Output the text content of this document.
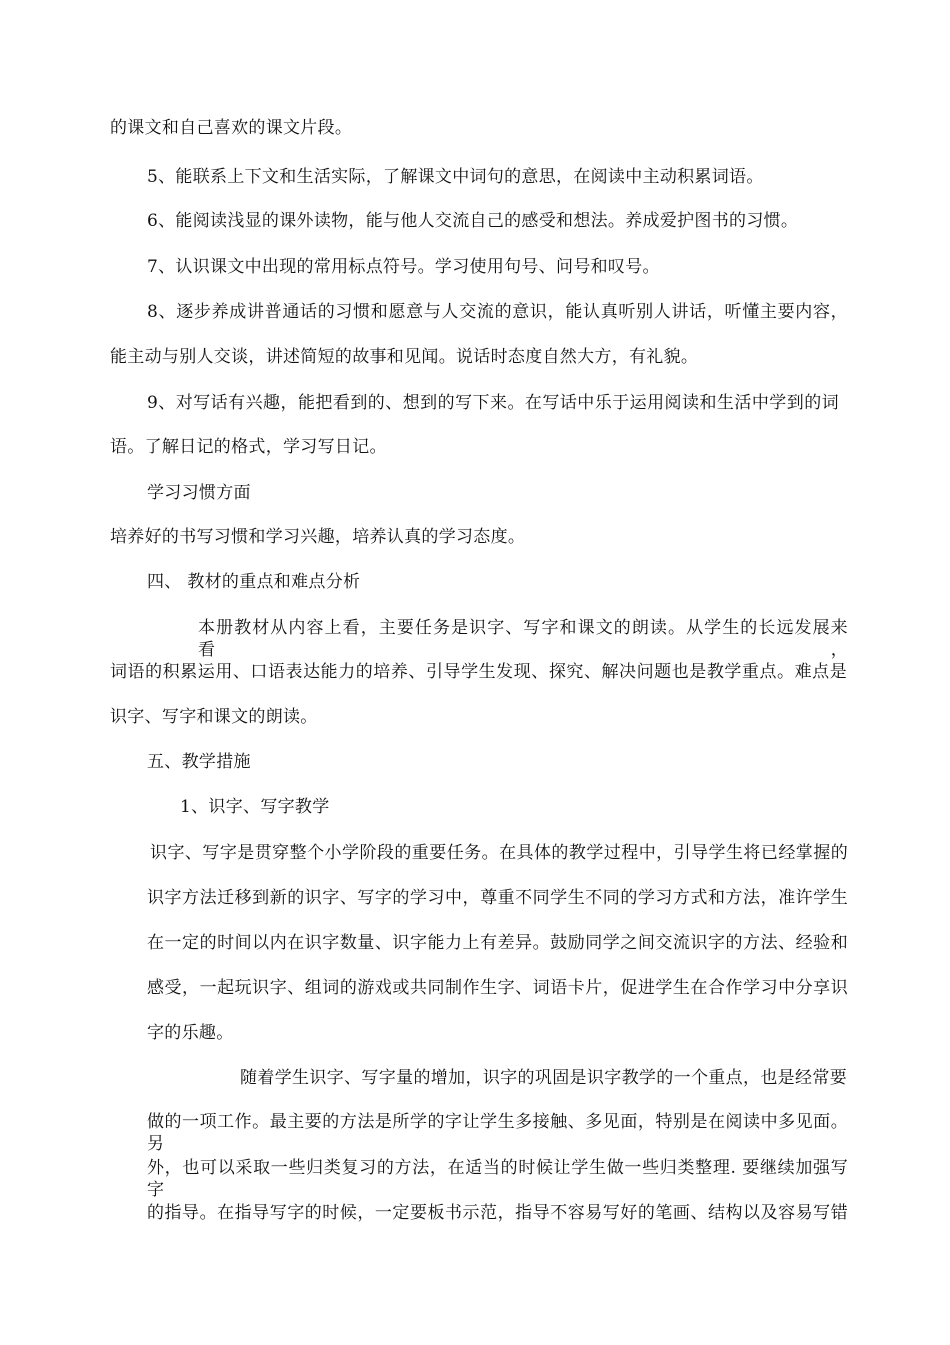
的课文和自己喜欢的课文片段。
5、能联系上下文和生活实际，了解课文中词句的意思，在阅读中主动积累词语。
6、能阅读浅显的课外读物，能与他人交流自己的感受和想法。养成爱护图书的习惯。
7、认识课文中出现的常用标点符号。学习使用句号、问号和叹号。
8、逐步养成讲普通话的习惯和愿意与人交流的意识，能认真听别人讲话，听懂主要内容，
能主动与别人交谈，讲述简短的故事和见闻。说话时态度自然大方，有礼貌。
9、对写话有兴趣，能把看到的、想到的写下来。在写话中乐于运用阅读和生活中学到的词
语。了解日记的格式，学习写日记。
学习习惯方面
培养好的书写习惯和学习兴趣，培养认真的学习态度。
四、 教材的重点和难点分析
本册教材从内容上看，主要任务是识字、写字和课文的朗读。从学生的长远发展来看，
词语的积累运用、口语表达能力的培养、引导学生发现、探究、解决问题也是教学重点。难点是
识字、写字和课文的朗读。
五、教学措施
1、识字、写字教学
识字、写字是贯穿整个小学阶段的重要任务。在具体的教学过程中，引导学生将已经掌握的
识字方法迁移到新的识字、写字的学习中，尊重不同学生不同的学习方式和方法，准许学生
在一定的时间以内在识字数量、识字能力上有差异。鼓励同学之间交流识字的方法、经验和
感受，一起玩识字、组词的游戏或共同制作生字、词语卡片，促进学生在合作学习中分享识
字的乐趣。
随着学生识字、写字量的增加，识字的巩固是识字教学的一个重点，也是经常要
做的一项工作。最主要的方法是所学的字让学生多接触、多见面，特别是在阅读中多见面。另
外，也可以采取一些归类复习的方法，在适当的时候让学生做一些归类整理. 要继续加强写字
的指导。在指导写字的时候，一定要板书示范，指导不容易写好的笔画、结构以及容易写错
